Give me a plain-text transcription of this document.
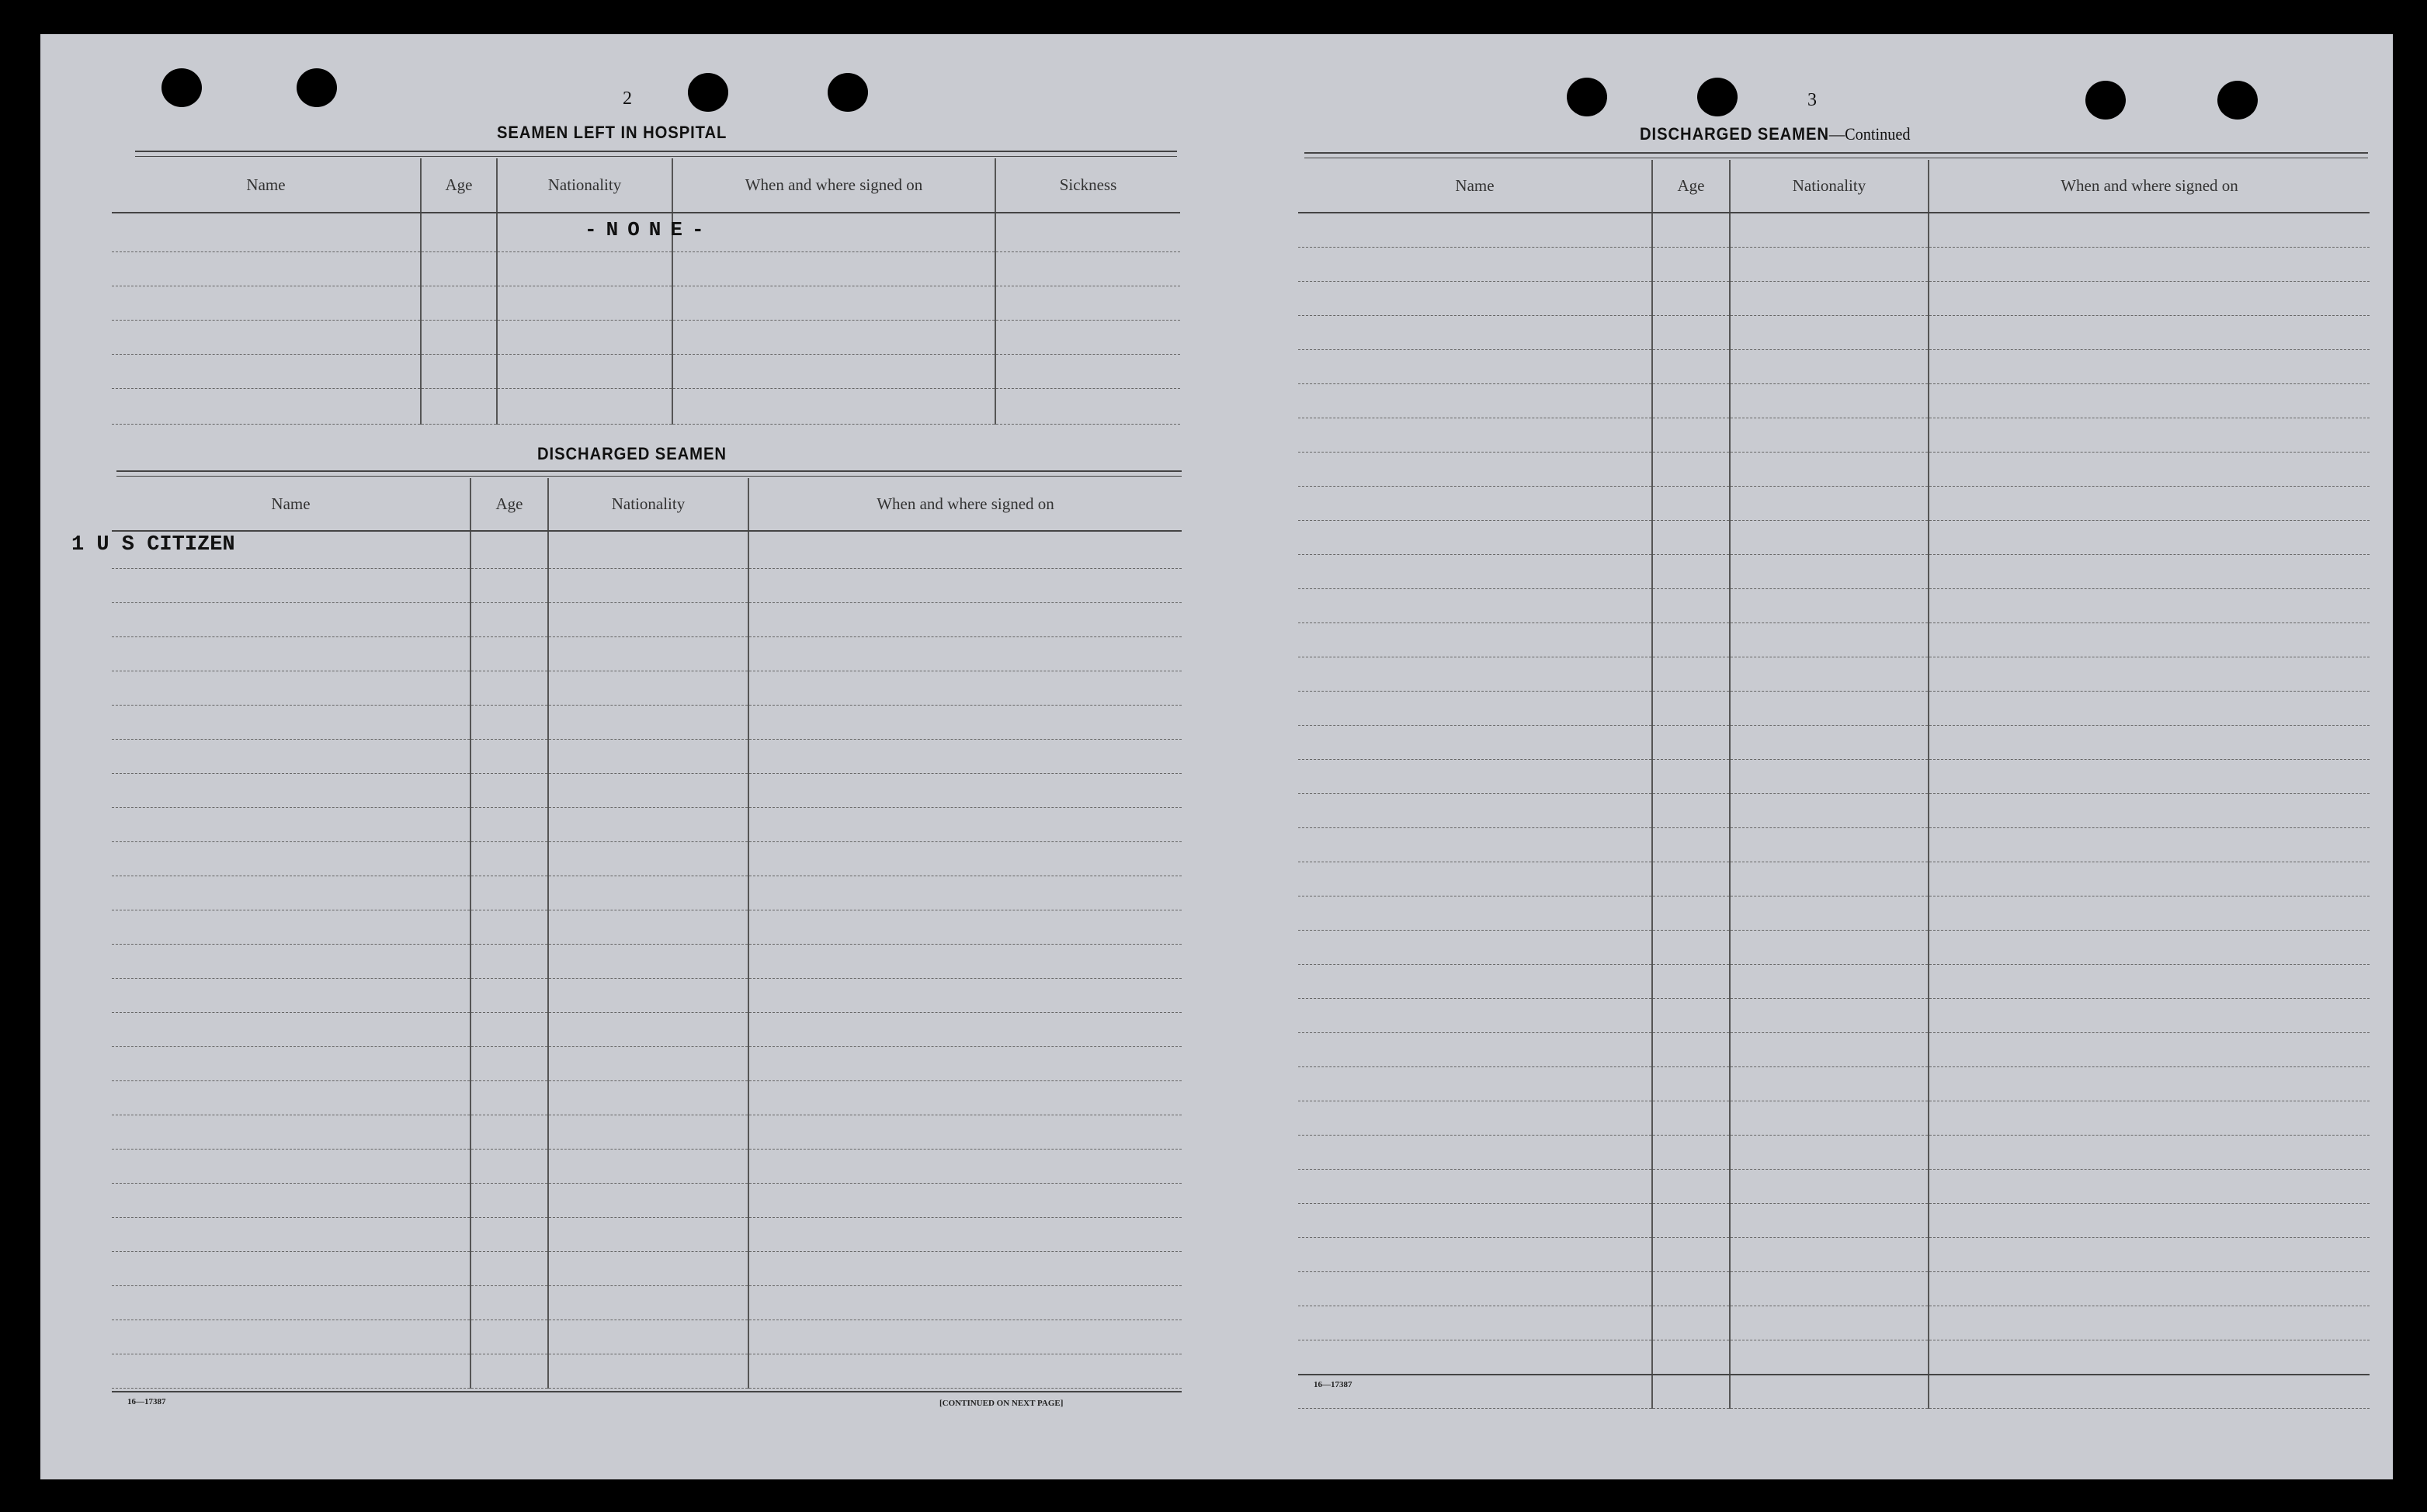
2
SEAMEN LEFT IN HOSPITAL
Name	Age	Nationality	When and where signed on	Sickness

		-NONE-		

DISCHARGED SEAMEN
Name	Age	Nationality	When and where signed on

1 U S CITIZEN			

16—17387	[CONTINUED ON NEXT PAGE]
3
DISCHARGED SEAMEN—Continued
Name	Age	Nationality	When and where signed on

16—17387
